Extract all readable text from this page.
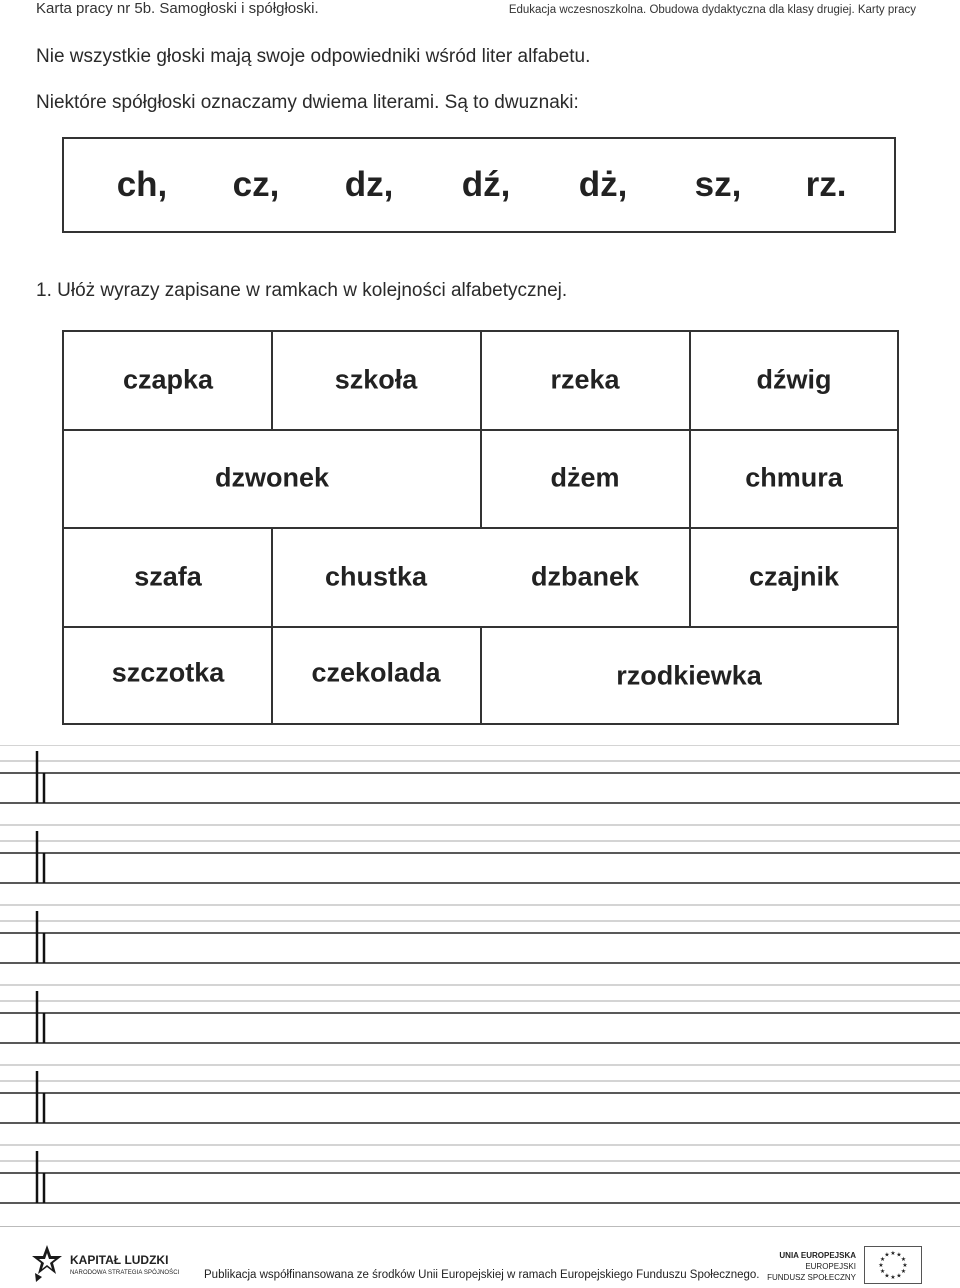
Karta pracy nr 5b. Samogłoski i spółgłoski.	Edukacja wczesnoszkolna. Obudowa dydaktyczna dla klasy drugiej. Karty pracy
Nie wszystkie głoski mają swoje odpowiedniki wśród liter alfabetu.
Niektóre spółgłoski oznaczamy dwiema literami. Są to dwuznaki:
ch, cz, dz, dź, dż, sz, rz.
1. Ułóż wyrazy zapisane w ramkach w kolejności alfabetycznej.
czapka	szkoła	rzeka	dźwig
dzwonek	dżem	chmura
szafa	chustka	dzbanek	czajnik
szczotka	czekolada	rzodkiewka
KAPITAŁ LUDZKI
NARODOWA STRATEGIA SPÓJNOŚCI Publikacja współfinansowana ze środków Unii Europejskiej w ramach Europejskiego Funduszu Społecznego.
UNIA EUROPEJSKA
EUROPEJSKI
FUNDUSZ SPOŁECZNY
★ ★
★
★
★
★
★
★
★
★
★
★
